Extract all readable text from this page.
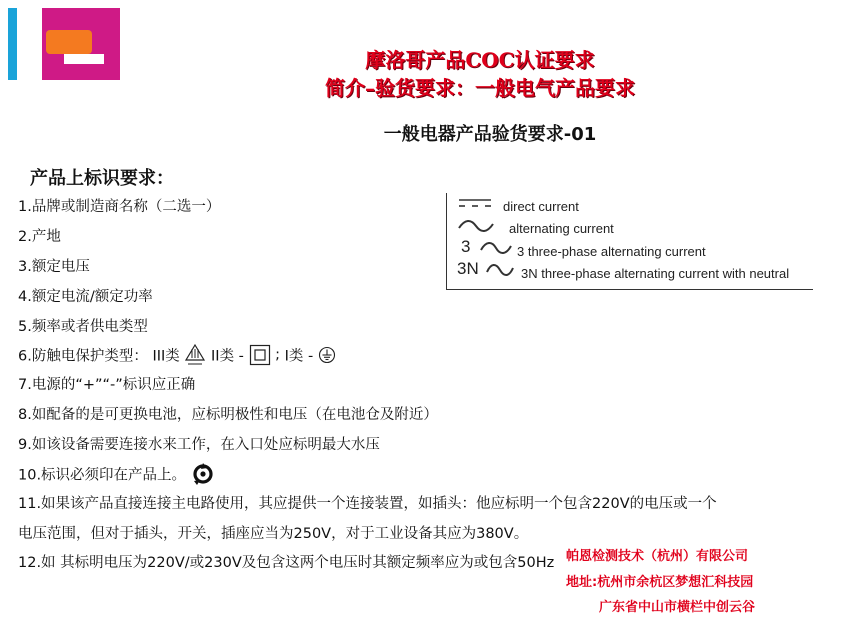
摩洛哥产品COC认证要求
简介–验货要求：一般电气产品要求
一般电器产品验货要求-01
产品上标识要求：
1.品牌或制造商名称（二选一）
2.产地
3.额定电压
4.额定电流/额定功率
5.频率或者供电类型
6.防触电保护类型： III类 II类 - ; I类 -
7.电源的“+”“-”标识应正确
8.如配备的是可更换电池，应标明极性和电压（在电池仓及附近）
9.如该设备需要连接水来工作，在入口处应标明最大水压
10.标识必须印在产品上。
11.如果该产品直接连接主电路使用，其应提供一个连接装置，如插头：他应标明一个包含220V的电压或一个
电压范围，但对于插头，开关，插座应当为250V，对于工业设备其应为380V。
12.如 其标明电压为220V/或230V及包含这两个电压时其额定频率应为或包含50Hz
direct current
alternating current
3	3 three-phase alternating current
3N	3N three-phase alternating current with neutral
帕恩检测技术（杭州）有限公司
地址:杭州市余杭区梦想汇科技园
广东省中山市横栏中创云谷
